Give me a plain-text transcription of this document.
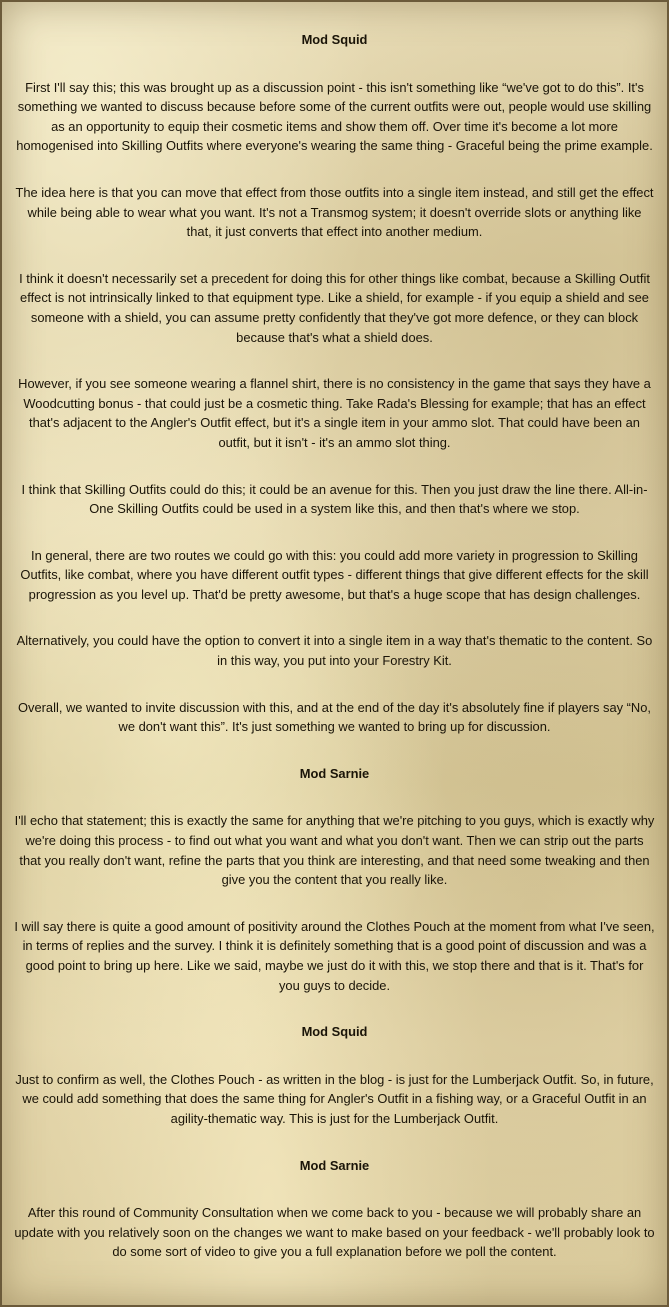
Mod Squid
First I'll say this; this was brought up as a discussion point - this isn't something like “we've got to do this”. It's something we wanted to discuss because before some of the current outfits were out, people would use skilling as an opportunity to equip their cosmetic items and show them off. Over time it's become a lot more homogenised into Skilling Outfits where everyone's wearing the same thing - Graceful being the prime example.
The idea here is that you can move that effect from those outfits into a single item instead, and still get the effect while being able to wear what you want. It's not a Transmog system; it doesn't override slots or anything like that, it just converts that effect into another medium.
I think it doesn't necessarily set a precedent for doing this for other things like combat, because a Skilling Outfit effect is not intrinsically linked to that equipment type. Like a shield, for example - if you equip a shield and see someone with a shield, you can assume pretty confidently that they've got more defence, or they can block because that's what a shield does.
However, if you see someone wearing a flannel shirt, there is no consistency in the game that says they have a Woodcutting bonus - that could just be a cosmetic thing. Take Rada's Blessing for example; that has an effect that's adjacent to the Angler's Outfit effect, but it's a single item in your ammo slot. That could have been an outfit, but it isn't - it's an ammo slot thing.
I think that Skilling Outfits could do this; it could be an avenue for this. Then you just draw the line there. All-in-One Skilling Outfits could be used in a system like this, and then that's where we stop.
In general, there are two routes we could go with this: you could add more variety in progression to Skilling Outfits, like combat, where you have different outfit types - different things that give different effects for the skill progression as you level up. That'd be pretty awesome, but that's a huge scope that has design challenges.
Alternatively, you could have the option to convert it into a single item in a way that's thematic to the content. So in this way, you put into your Forestry Kit.
Overall, we wanted to invite discussion with this, and at the end of the day it's absolutely fine if players say “No, we don't want this”. It's just something we wanted to bring up for discussion.
Mod Sarnie
I'll echo that statement; this is exactly the same for anything that we're pitching to you guys, which is exactly why we're doing this process - to find out what you want and what you don't want. Then we can strip out the parts that you really don't want, refine the parts that you think are interesting, and that need some tweaking and then give you the content that you really like.
I will say there is quite a good amount of positivity around the Clothes Pouch at the moment from what I've seen, in terms of replies and the survey. I think it is definitely something that is a good point of discussion and was a good point to bring up here. Like we said, maybe we just do it with this, we stop there and that is it. That's for you guys to decide.
Mod Squid
Just to confirm as well, the Clothes Pouch - as written in the blog - is just for the Lumberjack Outfit. So, in future, we could add something that does the same thing for Angler's Outfit in a fishing way, or a Graceful Outfit in an agility-thematic way. This is just for the Lumberjack Outfit.
Mod Sarnie
After this round of Community Consultation when we come back to you - because we will probably share an update with you relatively soon on the changes we want to make based on your feedback - we'll probably look to do some sort of video to give you a full explanation before we poll the content.
